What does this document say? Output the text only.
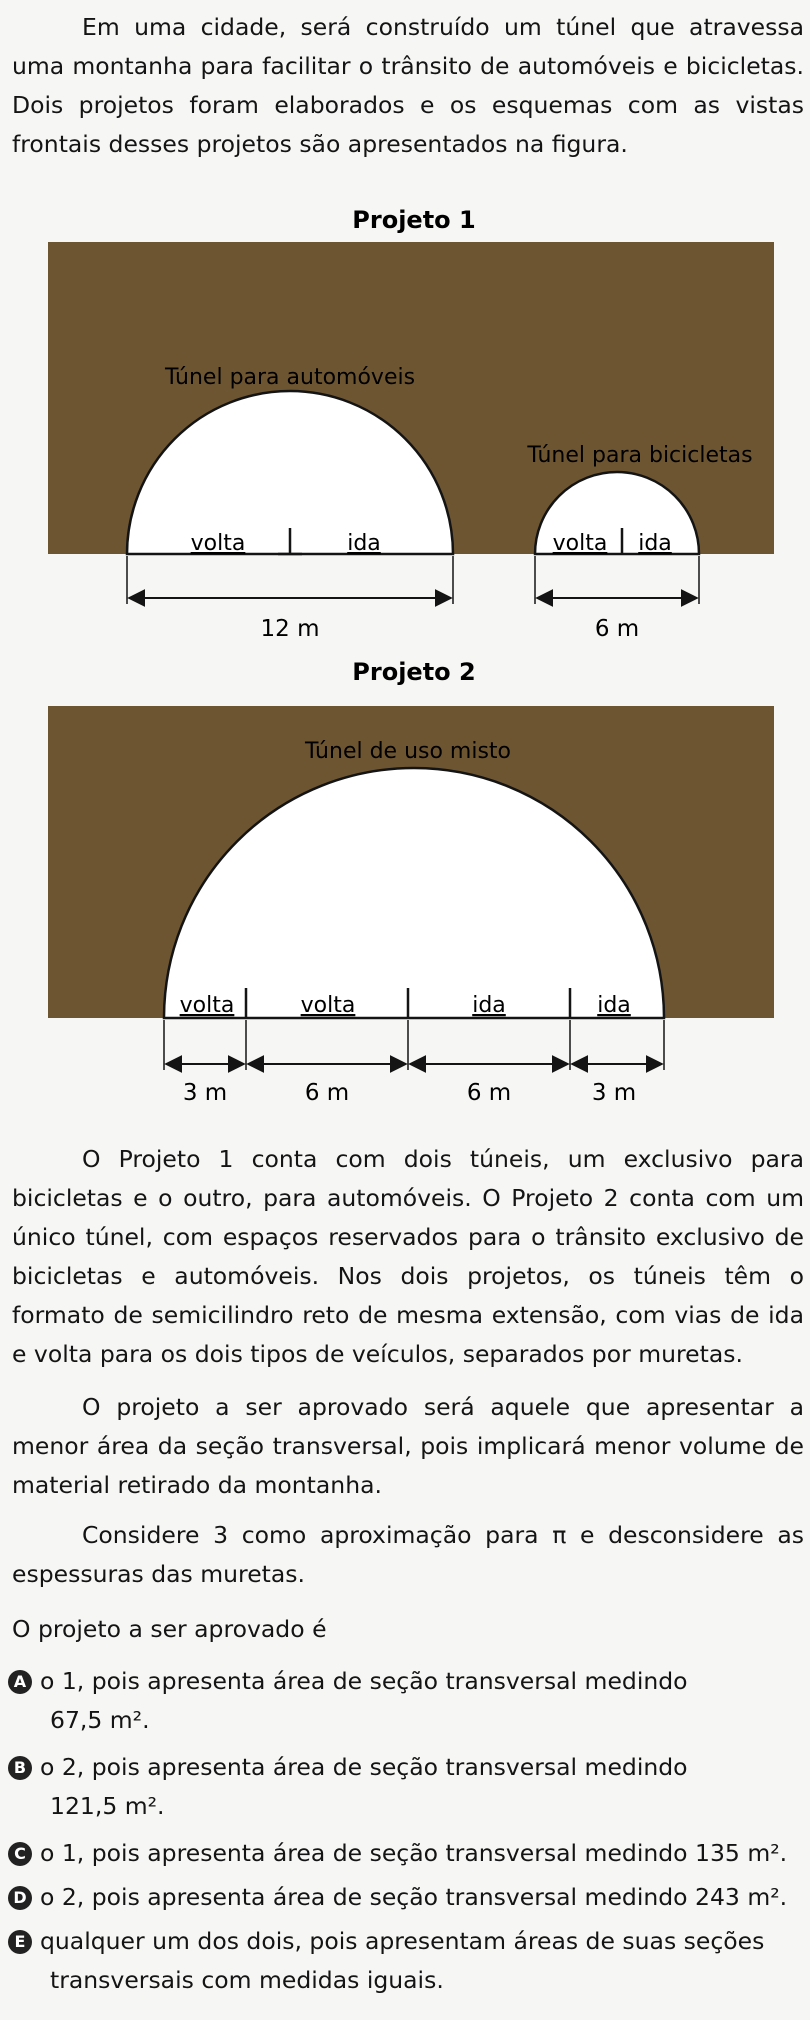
Em uma cidade, será construído um túnel que atravessa uma montanha para facilitar o trânsito de automóveis e bicicletas. Dois projetos foram elaborados e os esquemas com as vistas frontais desses projetos são apresentados na figura.
Projeto 1
Túnel para automóveis
Túnel para bicicletas
volta	ida	volta ida
12 m	6 m
Projeto 2
Túnel de uso misto
volta	volta	ida	ida
3 m	6 m	6 m	3 m
O Projeto 1 conta com dois túneis, um exclusivo para bicicletas e o outro, para automóveis. O Projeto 2 conta com um único túnel, com espaços reservados para o trânsito exclusivo de bicicletas e automóveis. Nos dois projetos, os túneis têm o formato de semicilindro reto de mesma extensão, com vias de ida e volta para os dois tipos de veículos, separados por muretas.
O projeto a ser aprovado será aquele que apresentar a menor área da seção transversal, pois implicará menor volume de material retirado da montanha.
Considere 3 como aproximação para π e desconsidere as espessuras das muretas.
O projeto a ser aprovado é
A o 1, pois apresenta área de seção transversal medindo
67,5 m².
B o 2, pois apresenta área de seção transversal medindo
121,5 m².
C o 1, pois apresenta área de seção transversal medindo 135 m².
D o 2, pois apresenta área de seção transversal medindo 243 m².
E qualquer um dos dois, pois apresentam áreas de suas seções
transversais com medidas iguais.
